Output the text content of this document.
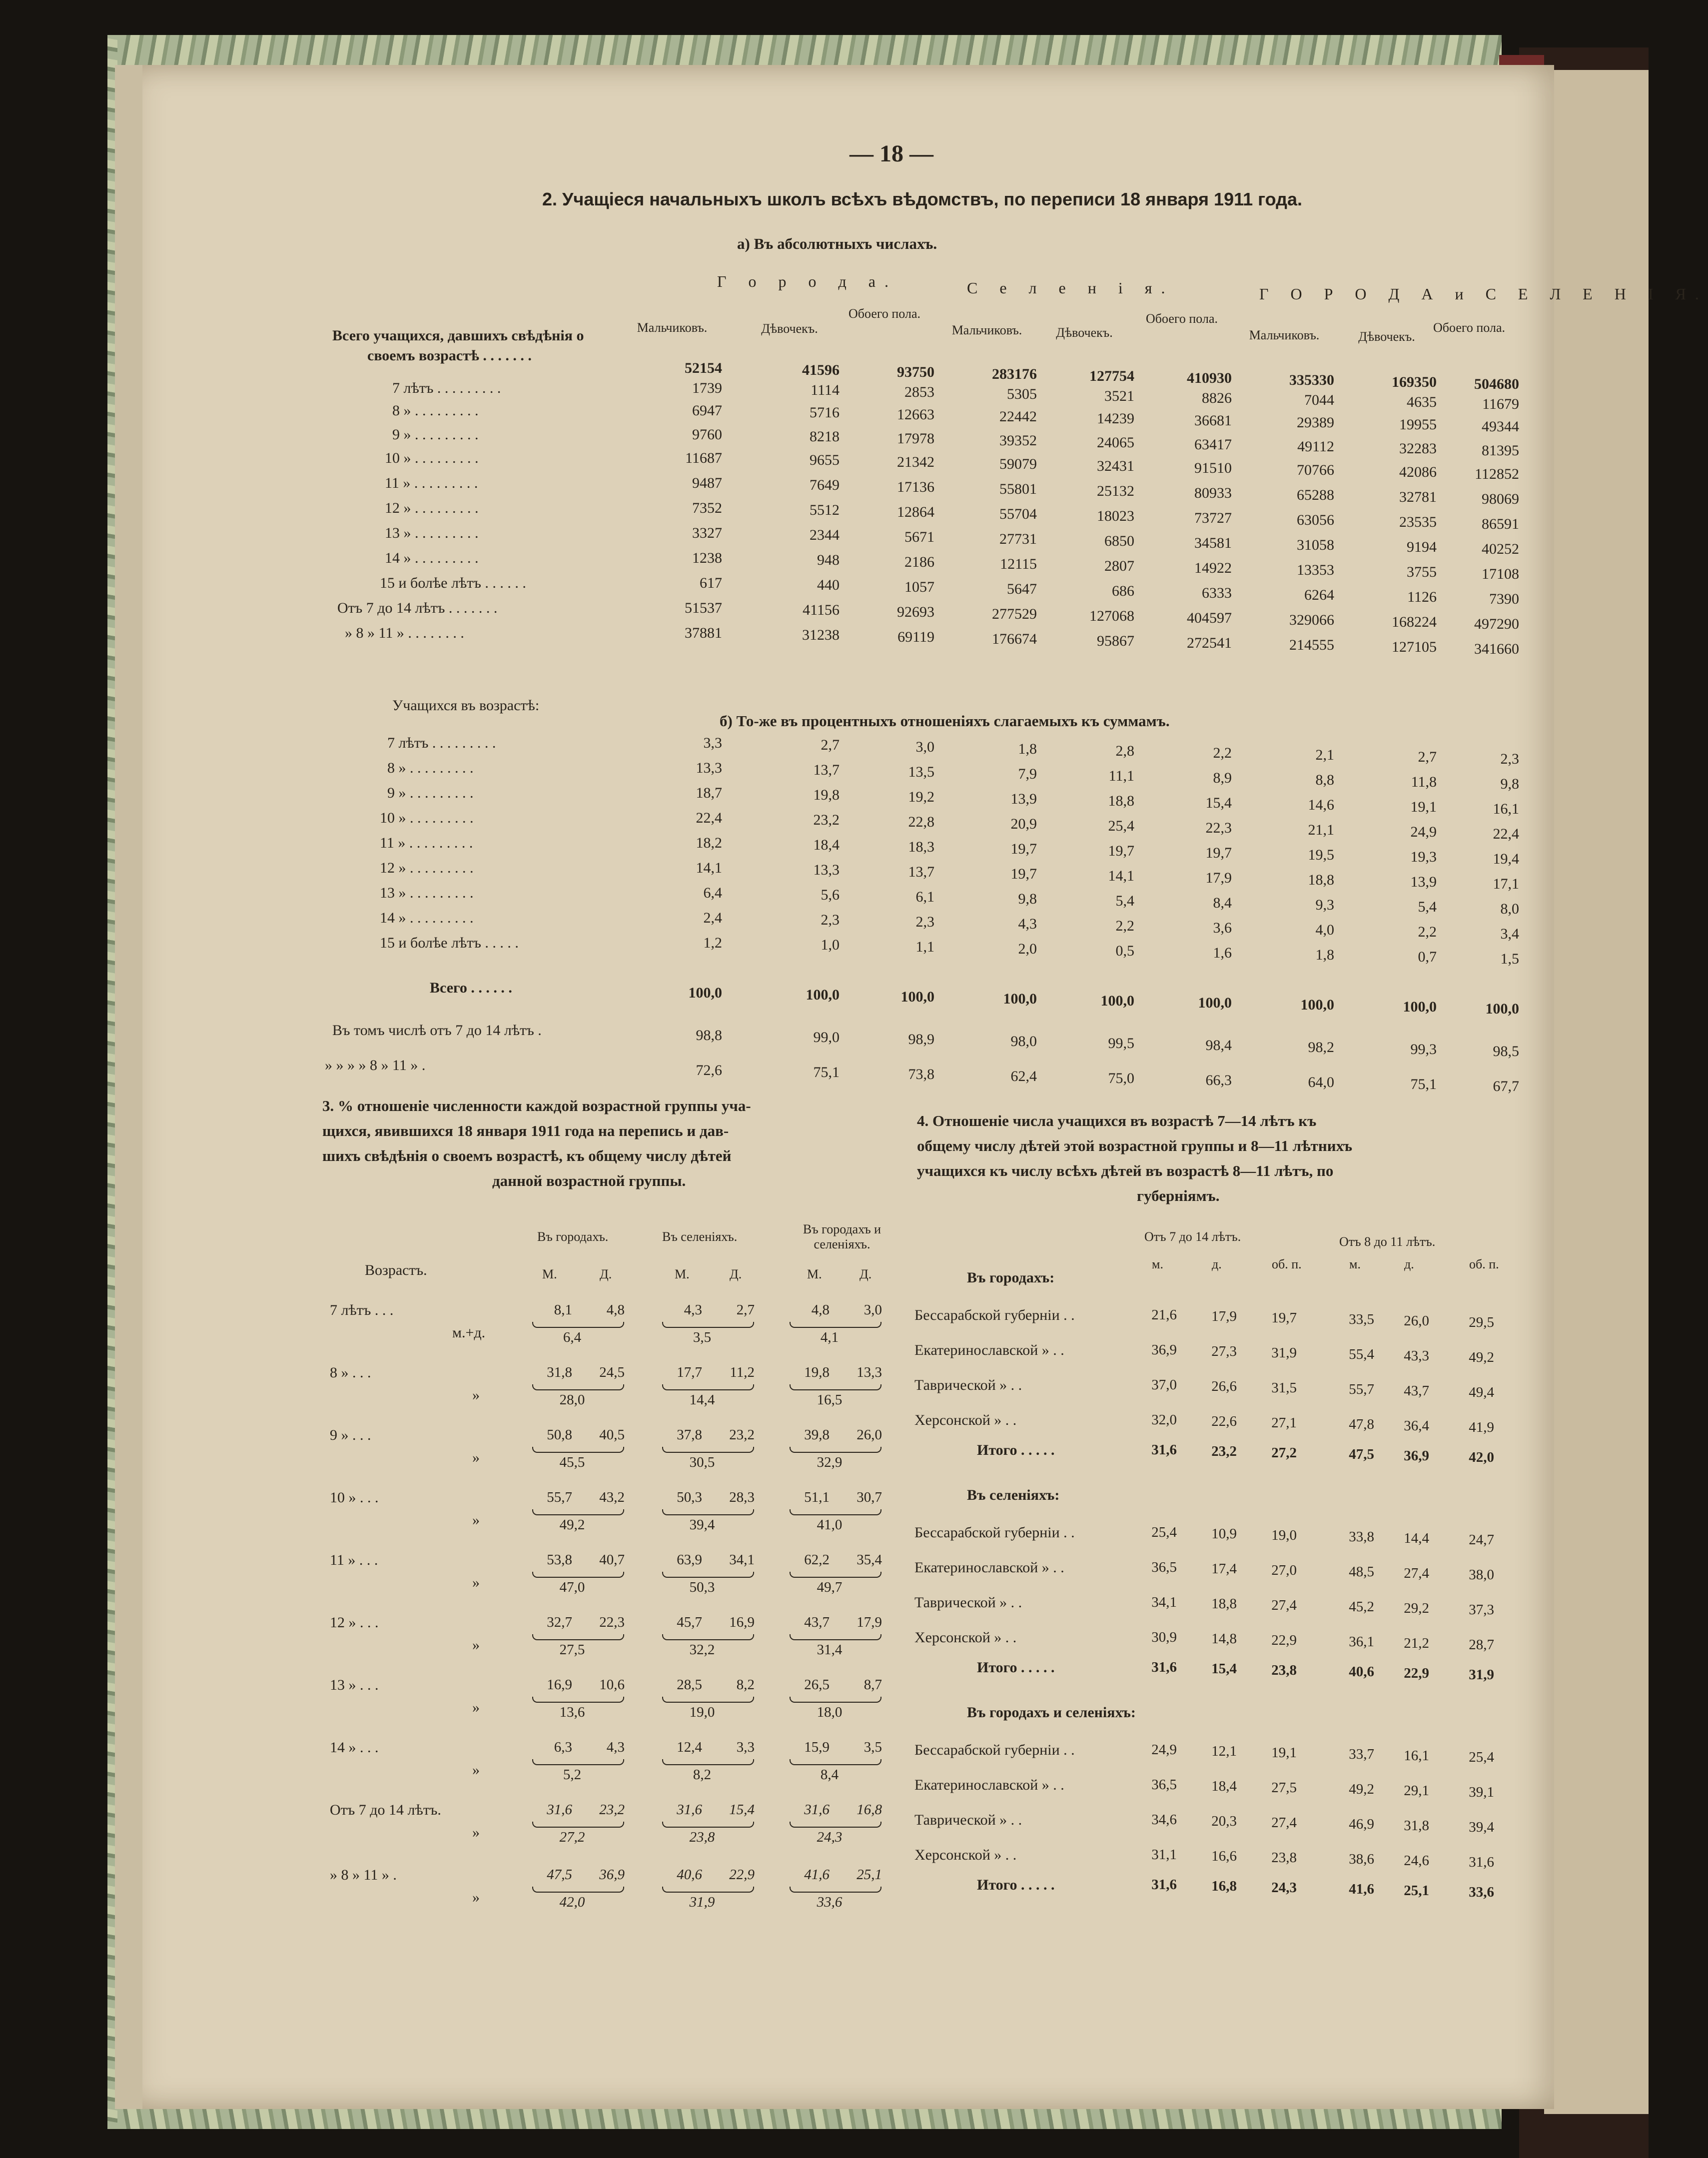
— 18 —
2. Учащiеся начальныхъ школъ всѣхъ вѣдомствъ, по переписи 18 января 1911 года.
а) Въ абсолютныхъ числахъ.
Г о р о д а.	С е л е н i я.	Г О Р О Д А и С Е Л Е Н I Я.
Мальчиковъ.	Дѣвочекъ.
Обоего пола.
Мальчиковъ.	Дѣвочекъ.
Обоего пола.
Мальчиковъ.	Дѣвочекъ.
Обоего пола.
Всего учащихся, давшихъ свѣдѣнiя о
своемъ возрастѣ . . . . . . .
52154	41596	93750	283176	127754	410930	335330	169350	504680
7 лѣтъ . . . . . . . . .	1739	1114	2853	5305	3521	8826	7044	4635	11679
8 » . . . . . . . . .	6947	5716	12663	22442	14239	36681	29389	19955	49344
9 » . . . . . . . . .	9760	8218	17978	39352	24065	63417	49112	32283	81395
10 » . . . . . . . . .	11687	9655	21342	59079	32431	91510	70766	42086	112852
11 » . . . . . . . . .	9487	7649	17136	55801	25132	80933	65288	32781	98069
12 » . . . . . . . . .	7352	5512	12864	55704	18023	73727	63056	23535	86591
13 » . . . . . . . . .	3327	2344	5671	27731	6850	34581	31058	9194	40252
14 » . . . . . . . . .	1238	948	2186	12115	2807	14922	13353	3755	17108
15 и болѣе лѣтъ . . . . . .	617	440	1057	5647	686	6333	6264	1126	7390
Отъ 7 до 14 лѣтъ . . . . . . .	51537	41156	92693	277529	127068	404597	329066	168224	497290
» 8 » 11 » . . . . . . . .	37881	31238	69119	176674	95867	272541	214555	127105	341660
Учащихся въ возрастѣ:
б) То-же въ процентныхъ отношенiяхъ слагаемыхъ къ суммамъ.
7 лѣтъ . . . . . . . . .	3,3	2,7	3,0	1,8	2,8	2,2	2,1	2,7	2,3
8 » . . . . . . . . .	13,3	13,7	13,5	7,9	11,1	8,9	8,8	11,8	9,8
9 » . . . . . . . . .	18,7	19,8	19,2	13,9	18,8	15,4	14,6	19,1	16,1
10 » . . . . . . . . .	22,4	23,2	22,8	20,9	25,4	22,3	21,1	24,9	22,4
11 » . . . . . . . . .	18,2	18,4	18,3	19,7	19,7	19,7	19,5	19,3	19,4
12 » . . . . . . . . .	14,1	13,3	13,7	19,7	14,1	17,9	18,8	13,9	17,1
13 » . . . . . . . . .	6,4	5,6	6,1	9,8	5,4	8,4	9,3	5,4	8,0
14 » . . . . . . . . .	2,4	2,3	2,3	4,3	2,2	3,6	4,0	2,2	3,4
15 и болѣе лѣтъ . . . . .	1,2	1,0	1,1	2,0	0,5	1,6	1,8	0,7	1,5
Всего . . . . . .	100,0	100,0	100,0	100,0	100,0	100,0	100,0	100,0	100,0
Въ томъ числѣ отъ 7 до 14 лѣтъ .	98,8	99,0	98,9	98,0	99,5	98,4	98,2	99,3	98,5
» » » » 8 » 11 » .	72,6	75,1	73,8	62,4	75,0	66,3	64,0	75,1	67,7
3. % отношенiе численности каждой возрастной группы уча-
щихся, явившихся 18 января 1911 года на перепись и дав-
шихъ свѣдѣнiя о своемъ возрастѣ, къ общему числу дѣтей
данной возрастной группы.
Возрастъ.
Въ городахъ.	Въ селенiяхъ.
Въ городахъ и селенiяхъ.
М.	Д.	М.	Д.	М.	Д.
7 лѣтъ . . .
м.+д.
8,1	4,8
6,4
4,3	2,7
3,5
4,8	3,0
4,1
8 » . . .
»
31,8	24,5
28,0
17,7	11,2
14,4
19,8	13,3
16,5
9 » . . .
»
50,8	40,5
45,5
37,8	23,2
30,5
39,8	26,0
32,9
10 » . . .
»
55,7	43,2
49,2
50,3	28,3
39,4
51,1	30,7
41,0
11 » . . .
»
53,8	40,7
47,0
63,9	34,1
50,3
62,2	35,4
49,7
12 » . . .
»
32,7	22,3
27,5
45,7	16,9
32,2
43,7	17,9
31,4
13 » . . .
»
16,9	10,6
13,6
28,5	8,2
19,0
26,5	8,7
18,0
14 » . . .
»
6,3	4,3
5,2
12,4	3,3
8,2
15,9	3,5
8,4
Отъ 7 до 14 лѣтъ.
»
31,6	23,2
27,2
31,6	15,4
23,8
31,6	16,8
24,3
» 8 » 11 » .
»
47,5	36,9
42,0
40,6	22,9
31,9
41,6	25,1
33,6
4. Отношенiе числа учащихся въ возрастѣ 7—14 лѣтъ къ
общему числу дѣтей этой возрастной группы и 8—11 лѣтнихъ
учащихся къ числу всѣхъ дѣтей въ возрастѣ 8—11 лѣтъ, по
губернiямъ.
Отъ 7 до 14 лѣтъ.	Отъ 8 до 11 лѣтъ.
м.	д.	об. п.	м.	д.	об. п.
Въ городахъ:
Бессарабской губернiи . .	21,6	17,9	19,7	33,5	26,0	29,5
Екатеринославской » . .	36,9	27,3	31,9	55,4	43,3	49,2
Таврической » . .	37,0	26,6	31,5	55,7	43,7	49,4
Херсонской » . .	32,0	22,6	27,1	47,8	36,4	41,9
Итого . . . . .	31,6	23,2	27,2	47,5	36,9	42,0
Въ селенiяхъ:
Бессарабской губернiи . .	25,4	10,9	19,0	33,8	14,4	24,7
Екатеринославской » . .	36,5	17,4	27,0	48,5	27,4	38,0
Таврической » . .	34,1	18,8	27,4	45,2	29,2	37,3
Херсонской » . .	30,9	14,8	22,9	36,1	21,2	28,7
Итого . . . . .	31,6	15,4	23,8	40,6	22,9	31,9
Въ городахъ и селенiяхъ:
Бессарабской губернiи . .	24,9	12,1	19,1	33,7	16,1	25,4
Екатеринославской » . .	36,5	18,4	27,5	49,2	29,1	39,1
Таврической » . .	34,6	20,3	27,4	46,9	31,8	39,4
Херсонской » . .	31,1	16,6	23,8	38,6	24,6	31,6
Итого . . . . .	31,6	16,8	24,3	41,6	25,1	33,6
